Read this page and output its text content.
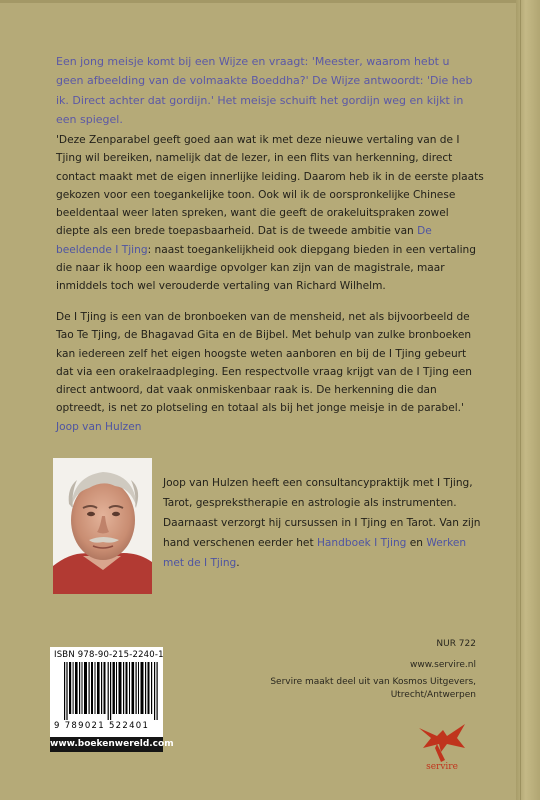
Een jong meisje komt bij een Wijze en vraagt: 'Meester, waarom hebt u geen afbeelding van de volmaakte Boeddha?' De Wijze antwoordt: 'Die heb ik. Direct achter dat gordijn.' Het meisje schuift het gordijn weg en kijkt in een spiegel.
'Deze Zenparabel geeft goed aan wat ik met deze nieuwe vertaling van de I Tjing wil bereiken, namelijk dat de lezer, in een flits van herkenning, direct contact maakt met de eigen innerlijke leiding. Daarom heb ik in de eerste plaats gekozen voor een toegankelijke toon. Ook wil ik de oorspronkelijke Chinese beeldentaal weer laten spreken, want die geeft de orakeluitspraken zowel diepte als een brede toepasbaarheid. Dat is de tweede ambitie van De beeldende I Tjing: naast toegankelijkheid ook diepgang bieden in een vertaling die naar ik hoop een waardige opvolger kan zijn van de magistrale, maar inmiddels toch wel verouderde vertaling van Richard Wilhelm.
De I Tjing is een van de bronboeken van de mensheid, net als bijvoorbeeld de Tao Te Tjing, de Bhagavad Gita en de Bijbel. Met behulp van zulke bronboeken kan iedereen zelf het eigen hoogste weten aanboren en bij de I Tjing gebeurt dat via een orakelraadpleging. Een respectvolle vraag krijgt van de I Tjing een direct antwoord, dat vaak onmiskenbaar raak is. De herkenning die dan optreedt, is net zo plotseling en totaal als bij het jonge meisje in de parabel.'
Joop van Hulzen
Joop van Hulzen heeft een consultancypraktijk met I Tjing, Tarot, gesprekstherapie en astrologie als instrumenten. Daarnaast verzorgt hij cursussen in I Tjing en Tarot. Van zijn hand verschenen eerder het Handboek I Tjing en Werken met de I Tjing.
NUR 722
www.servire.nl
Servire maakt deel uit van Kosmos Uitgevers, Utrecht/Antwerpen
ISBN 978-90-215-2240-1
9 789021 522401
www.boekenwereld.com
servire
